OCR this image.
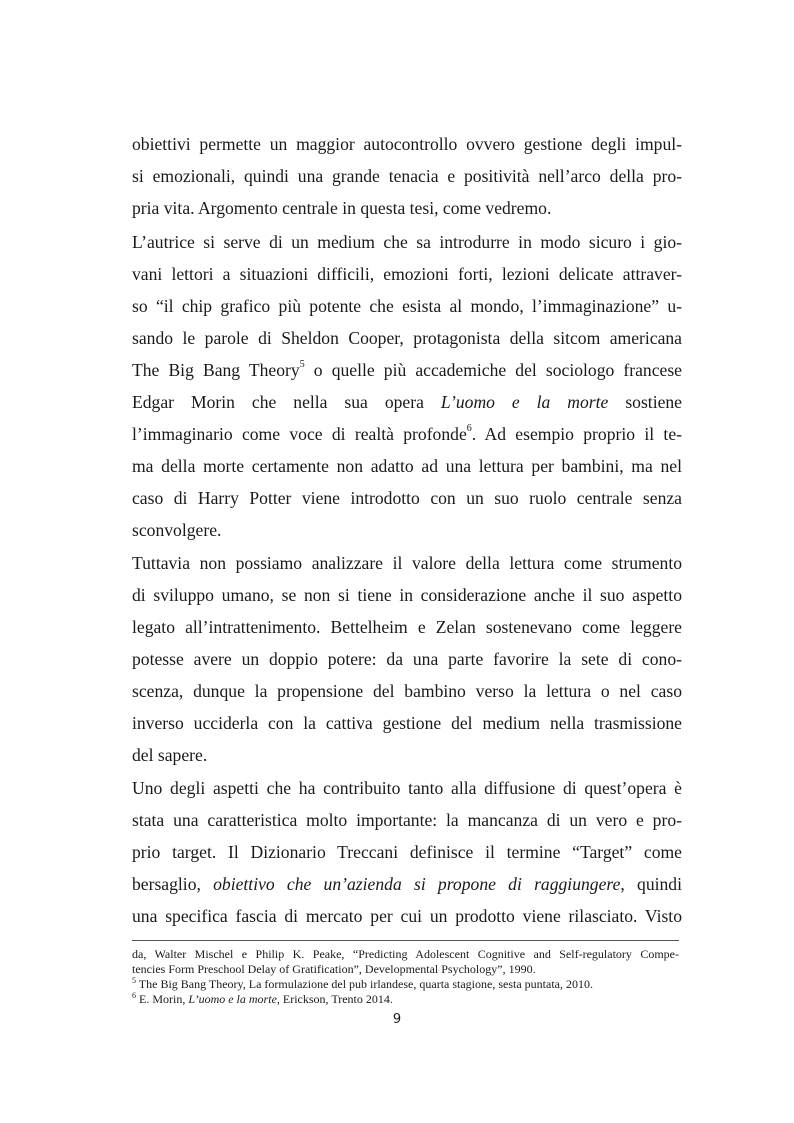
obiettivi permette un maggior autocontrollo ovvero gestione degli impul-
si emozionali, quindi una grande tenacia e positività nell’arco della pro-
pria vita. Argomento centrale in questa tesi, come vedremo.
L’autrice si serve di un medium che sa introdurre in modo sicuro i gio-
vani lettori a situazioni difficili, emozioni forti, lezioni delicate attraver-
so “il chip grafico più potente che esista al mondo, l’immaginazione” u-
sando le parole di Sheldon Cooper, protagonista della sitcom americana
The Big Bang Theory$^5$ o quelle più accademiche del sociologo francese
Edgar Morin che nella sua opera L’uomo e la morte sostiene
l’immaginario come voce di realtà profonde$^6$. Ad esempio proprio il te-
ma della morte certamente non adatto ad una lettura per bambini, ma nel
caso di Harry Potter viene introdotto con un suo ruolo centrale senza
sconvolgere.
Tuttavia non possiamo analizzare il valore della lettura come strumento
di sviluppo umano, se non si tiene in considerazione anche il suo aspetto
legato all’intrattenimento. Bettelheim e Zelan sostenevano come leggere
potesse avere un doppio potere: da una parte favorire la sete di cono-
scenza, dunque la propensione del bambino verso la lettura o nel caso
inverso ucciderla con la cattiva gestione del medium nella trasmissione
del sapere.
Uno degli aspetti che ha contribuito tanto alla diffusione di quest’opera è
stata una caratteristica molto importante: la mancanza di un vero e pro-
prio target. Il Dizionario Treccani definisce il termine “Target” come
bersaglio, obiettivo che un’azienda si propone di raggiungere, quindi
una specifica fascia di mercato per cui un prodotto viene rilasciato. Visto
da, Walter Mischel e Philip K. Peake, “Predicting Adolescent Cognitive and Self-regulatory Compe-
tencies Form Preschool Delay of Gratification”, Developmental Psychology”, 1990.
$^5$ The Big Bang Theory, La formulazione del pub irlandese, quarta stagione, sesta puntata, 2010.
$^6$ E. Morin, L’uomo e la morte, Erickson, Trento 2014.
9
